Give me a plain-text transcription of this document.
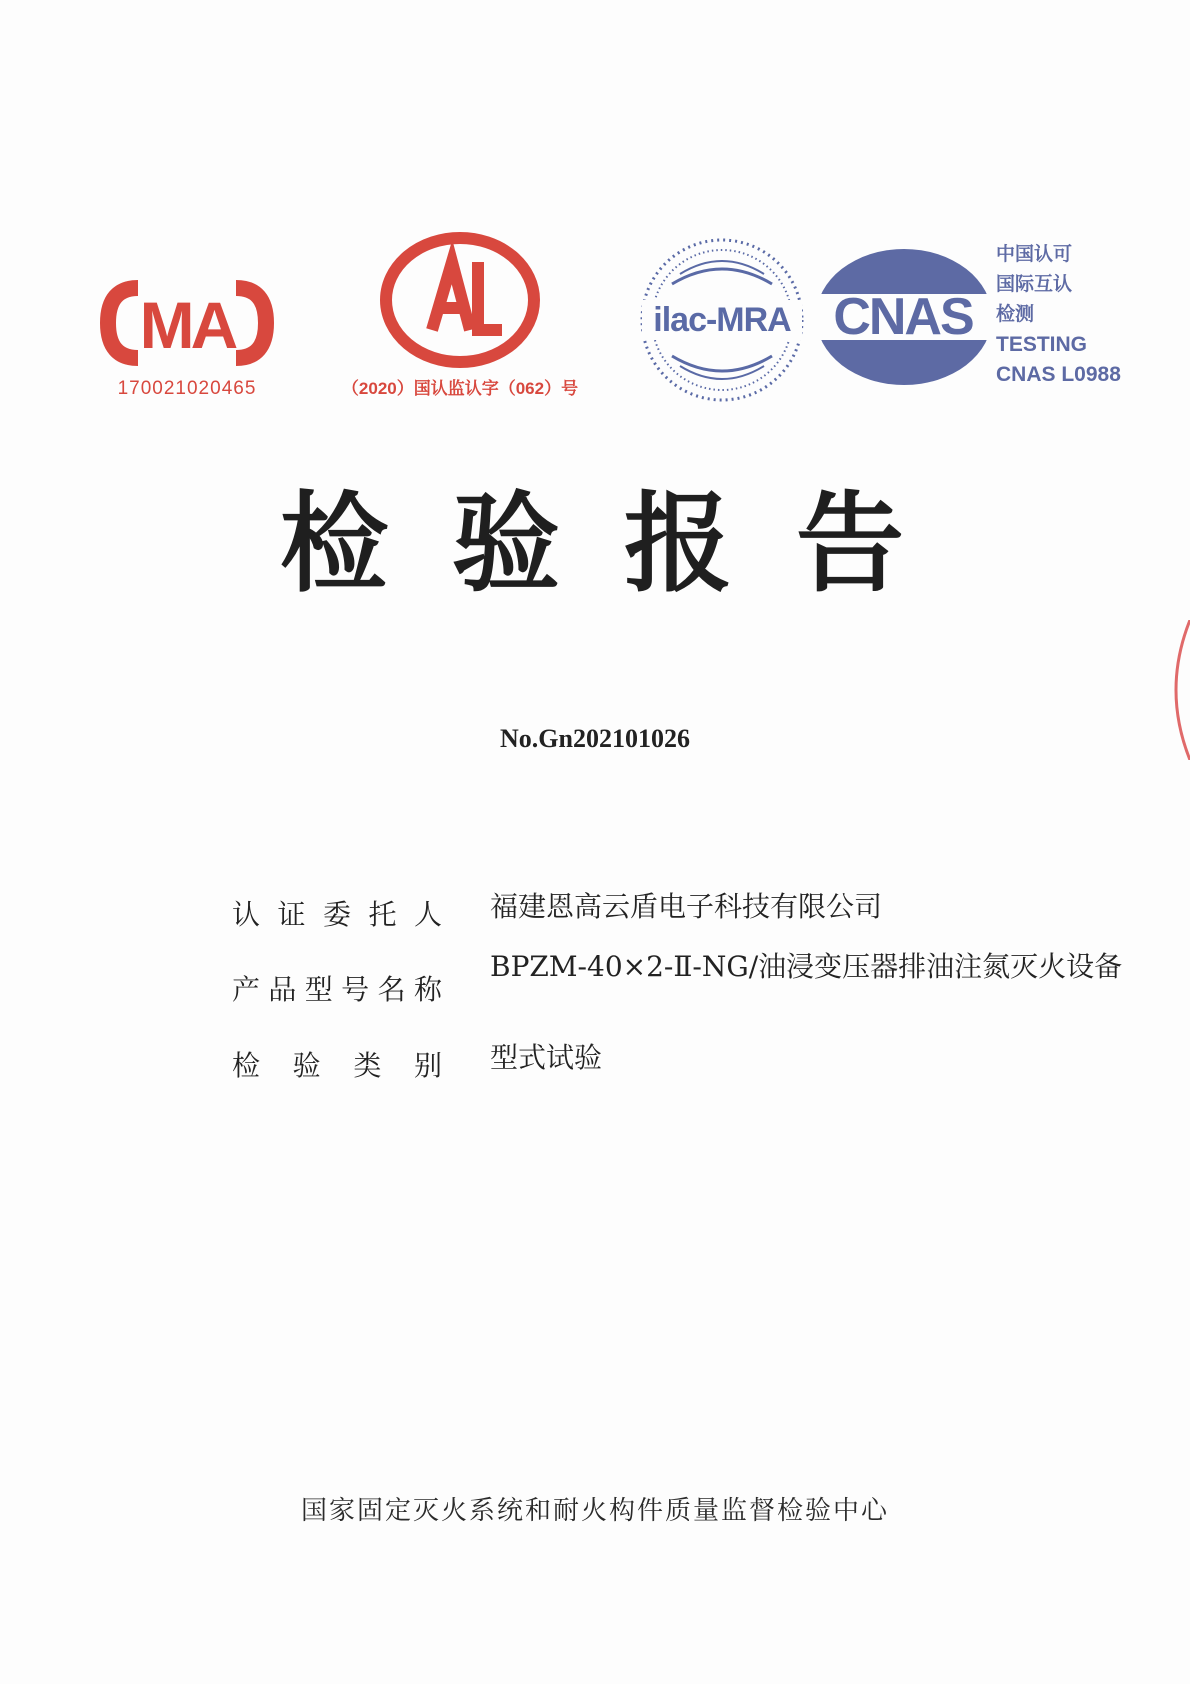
MA
170021020465	（2020）国认监认字（062）号
ilac-MRA CNAS
中国认可
国际互认
检测
TESTING
CNAS L0988
检验报告
No.Gn202101026
认 证 委 托 人 福建恩高云盾电子科技有限公司
产 品 型 号 名 称
BPZM-40×2-Ⅱ-NG/油浸变压器排油注氮灭火设备
检 验 类 别 型式试验
国家固定灭火系统和耐火构件质量监督检验中心
